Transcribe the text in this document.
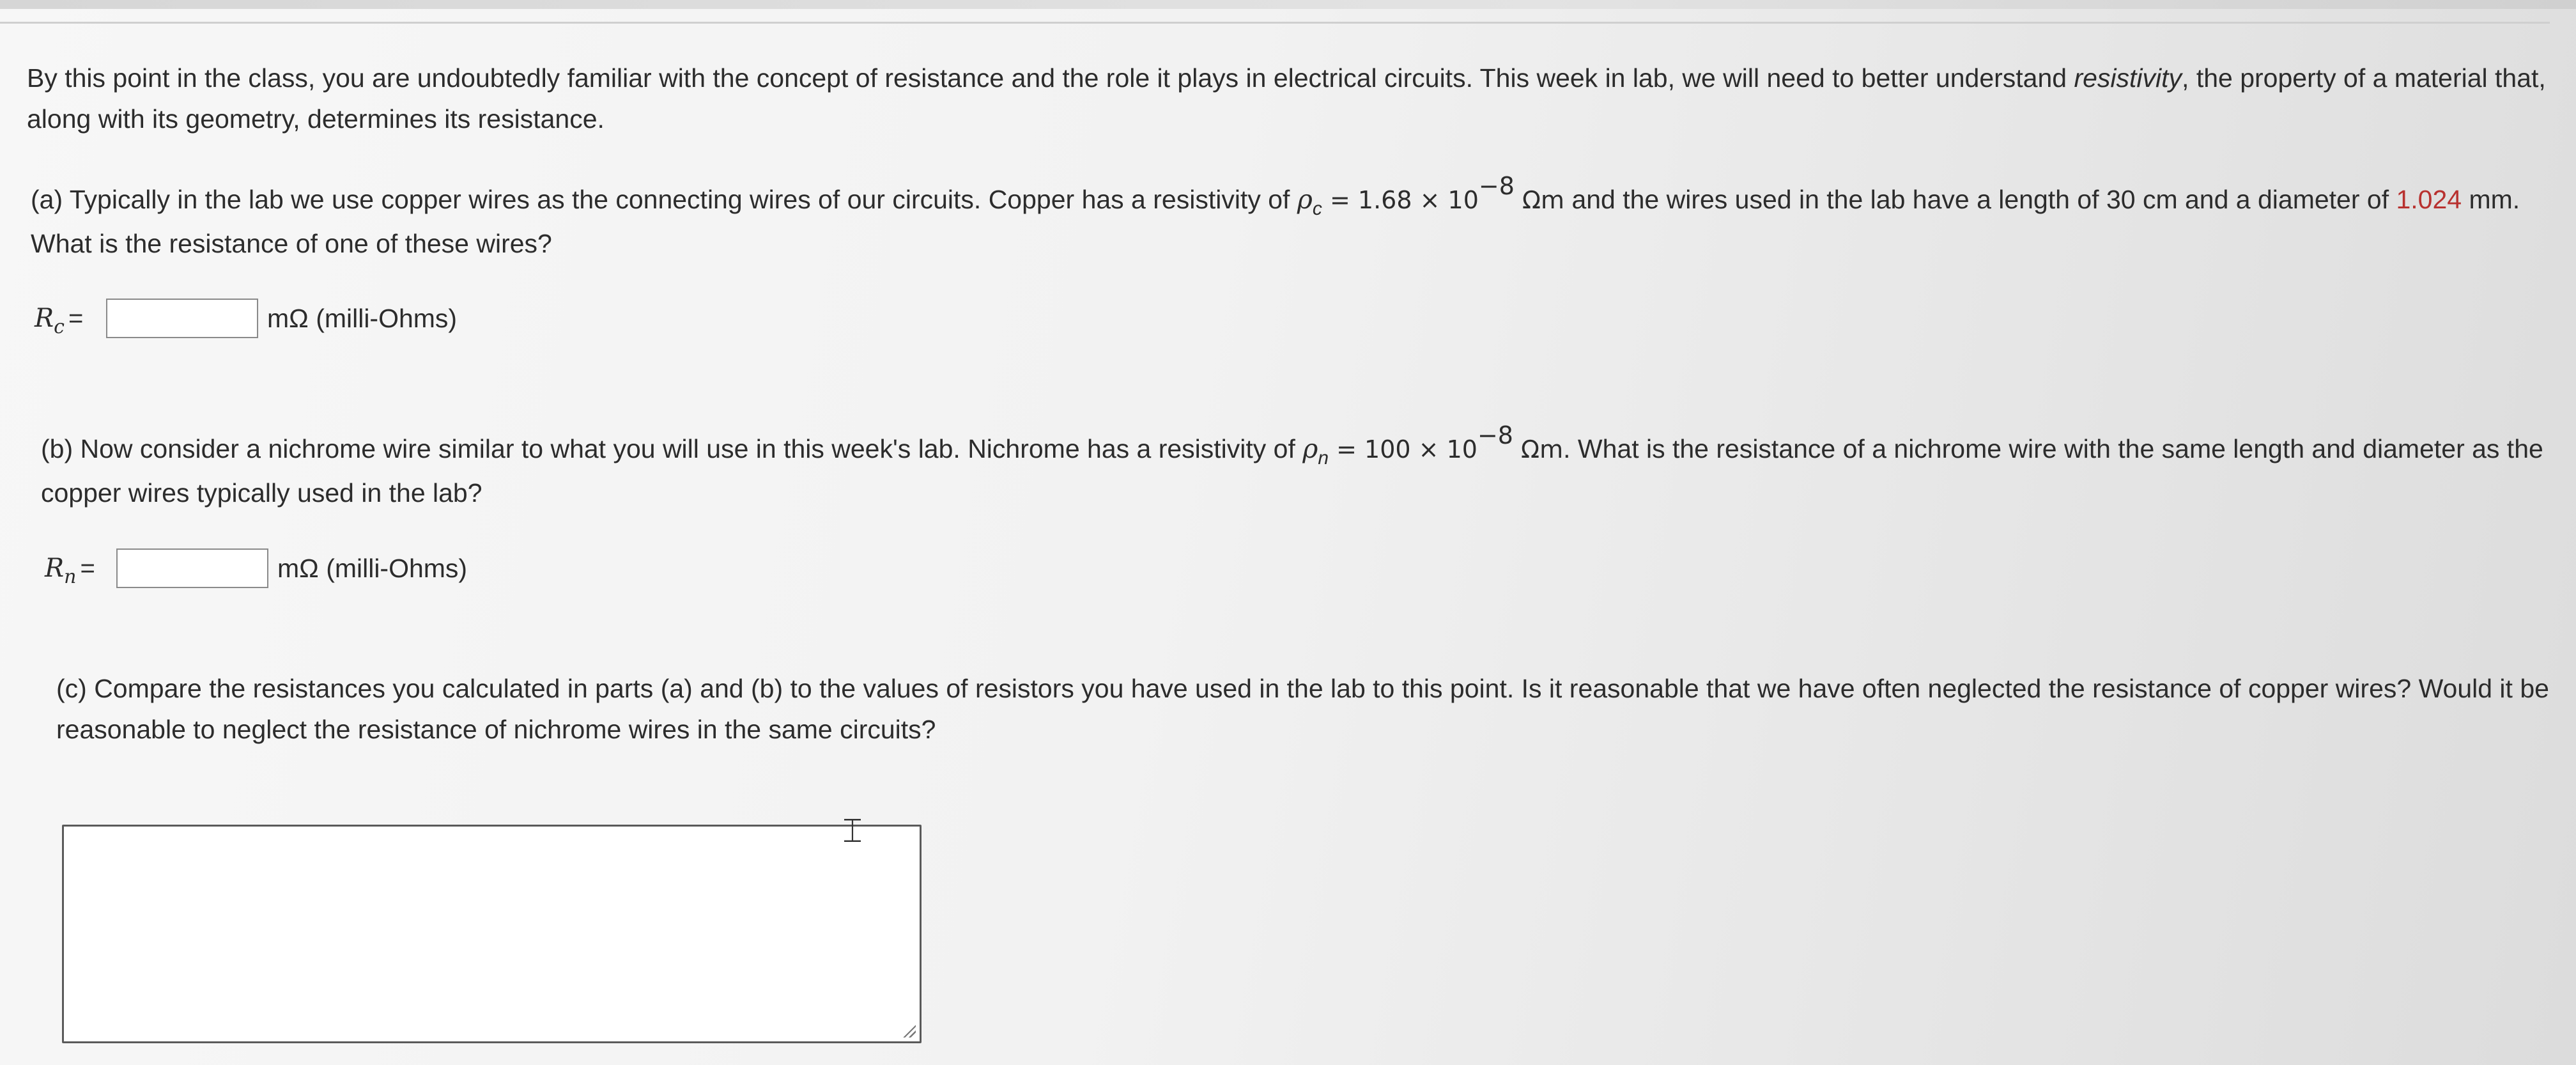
By this point in the class, you are undoubtedly familiar with the concept of resistance and the role it plays in electrical circuits. This week in lab, we will need to better understand resistivity, the property of a material that, along with its geometry, determines its resistance.

(a) Typically in the lab we use copper wires as the connecting wires of our circuits. Copper has a resistivity of $\rho_c = 1.68 \times 10-8$ Ωm and the wires used in the lab have a length of 30 cm and a diameter of 1.024 mm. What is the resistance of one of these wires?

$R_c$ =	mΩ (milli-Ohms)

(b) Now consider a nichrome wire similar to what you will use in this week's lab. Nichrome has a resistivity of $\rho_n = 100 \times 10-8$ Ωm. What is the resistance of a nichrome wire with the same length and diameter as the copper wires typically used in the lab?

$R_n$ =	mΩ (milli-Ohms)

(c) Compare the resistances you calculated in parts (a) and (b) to the values of resistors you have used in the lab to this point. Is it reasonable that we have often neglected the resistance of copper wires? Would it be reasonable to neglect the resistance of nichrome wires in the same circuits?

⌶
